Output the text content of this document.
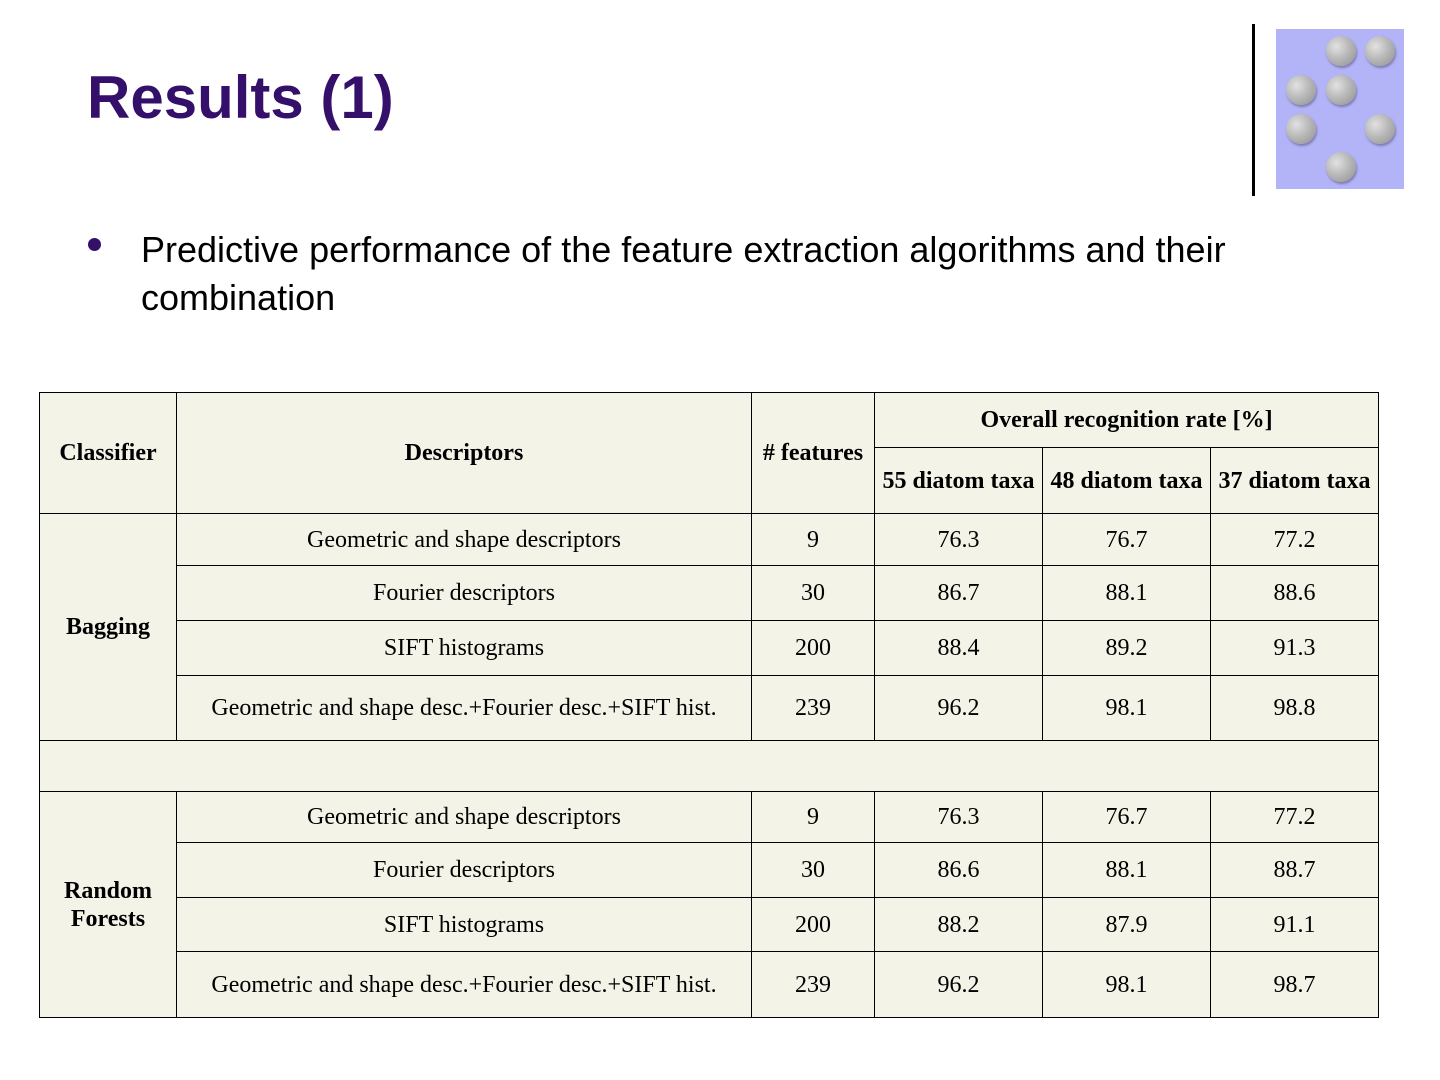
Results (1)
Predictive performance of the feature extraction algorithms and their combination
Classifier	Descriptors	# features	Overall recognition rate [%]		
			55 diatom taxa	48 diatom taxa	37 diatom taxa
Bagging	Geometric and shape descriptors	9	76.3	76.7	77.2
	Fourier descriptors	30	86.7	88.1	88.6
	SIFT histograms	200	88.4	89.2	91.3
	Geometric and shape desc.+Fourier desc.+SIFT hist.	239	96.2	98.1	98.8

Random Forests	Geometric and shape descriptors	9	76.3	76.7	77.2
	Fourier descriptors	30	86.6	88.1	88.7
	SIFT histograms	200	88.2	87.9	91.1
	Geometric and shape desc.+Fourier desc.+SIFT hist.	239	96.2	98.1	98.7
